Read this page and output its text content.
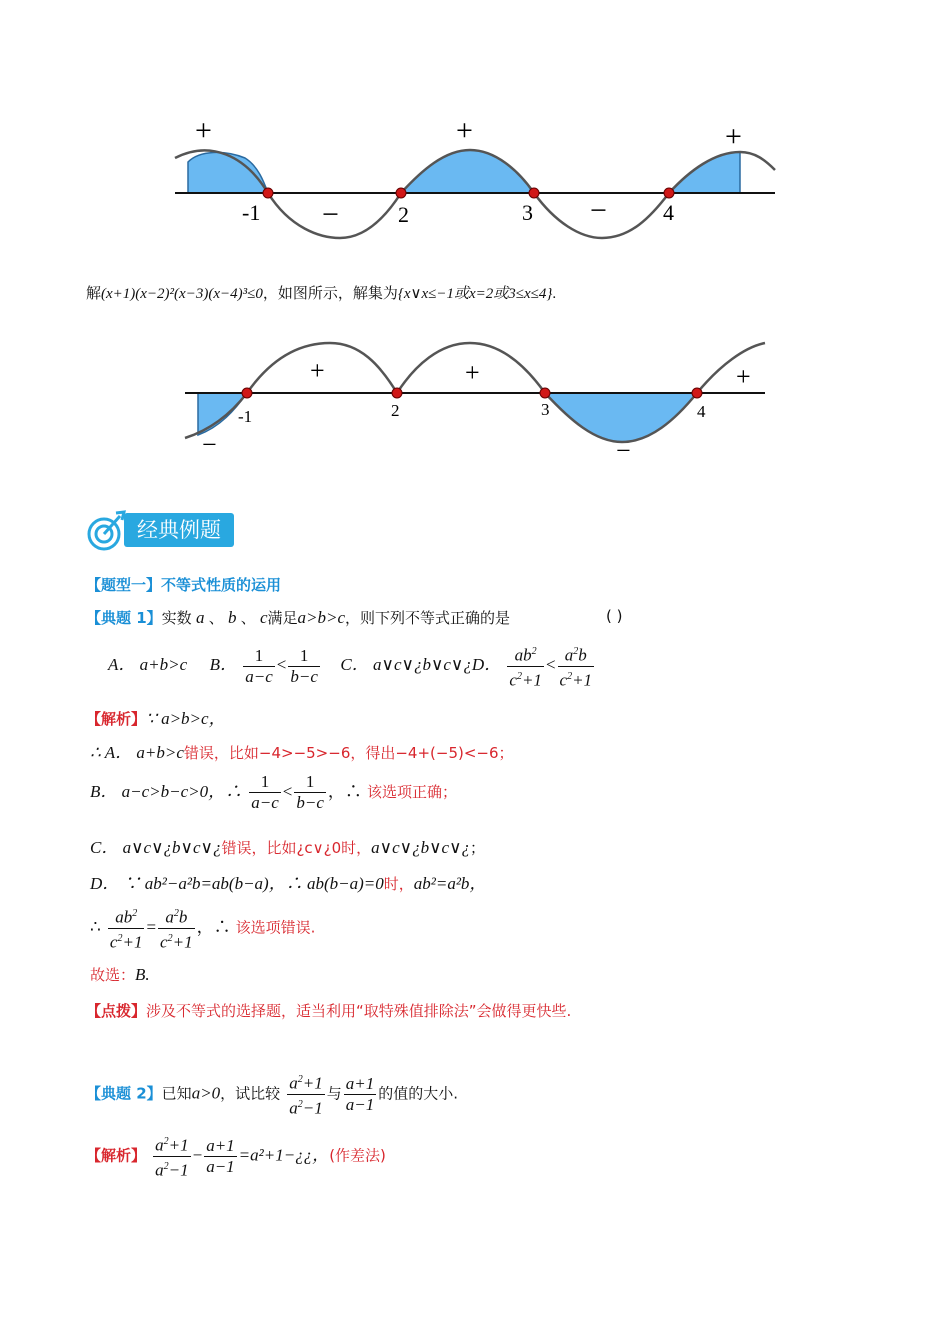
-1	2	3	4
+
−
+
−
+
解(x+1)(x−2)²(x−3)(x−4)³≤0，如图所示，解集为{x∨x≤−1或x=2或3≤x≤4}.
-1	2	3	4
−
+	+
−
+
经典例题
【题型一】不等式性质的运用
【典题 1】实数 a 、 b 、 c满足a>b>c，则下列不等式正确的是	( )
A． a+b>c B． $\frac{1}{a-c} < \frac{1}{b-c}$ C． a∨c∨¿b∨c∨¿D． $\frac{ab^2}{c^2+1} < \frac{a^2b}{c^2+1}$
【解析】∵ a>b>c，
∴ A． a+b>c错误，比如−4>−5>−6，得出−4+(−5)<−6；
B． a−c>b−c>0，∴ $\frac{1}{a-c} < \frac{1}{b-c}$ ，∴ 该选项正确；
C． a∨c∨¿b∨c∨¿错误，比如¿c∨¿0时，a∨c∨¿b∨c∨¿；
D． ∵ ab²−a²b=ab(b−a)，∴ ab(b−a)=0时，ab²=a²b，
∴ $\frac{ab^2}{c^2+1} = \frac{a^2b}{c^2+1}$ ，∴ 该选项错误.
故选：B.
【点拨】涉及不等式的选择题，适当利用“取特殊值排除法”会做得更快些.
【典题 2】已知a>0，试比较 $\frac{a^2+1}{a^2-1}$ 与 $\frac{a+1}{a-1}$ 的值的大小.
【解析】 $\frac{a^2+1}{a^2-1} - \frac{a+1}{a-1}$ =a²+1−¿¿，(作差法)
